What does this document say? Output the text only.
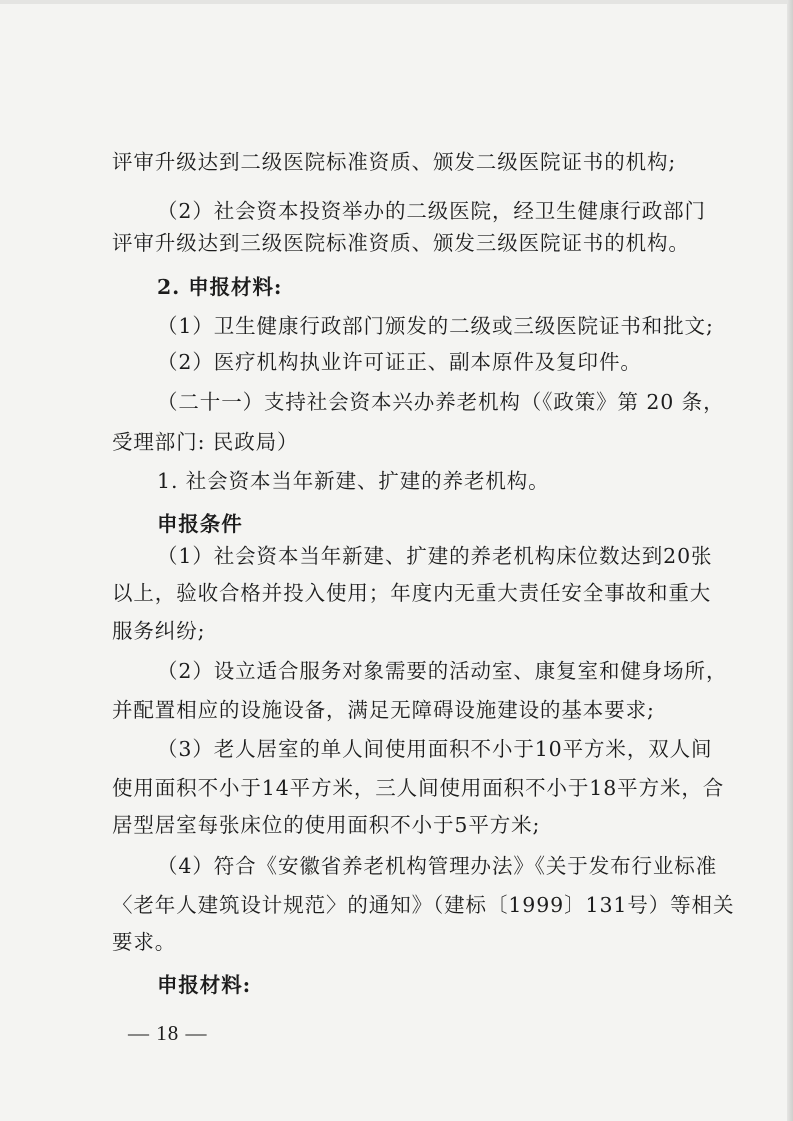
评审升级达到二级医院标准资质、颁发二级医院证书的机构;
（2）社会资本投资举办的二级医院，经卫生健康行政部门
评审升级达到三级医院标准资质、颁发三级医院证书的机构。
2. 申报材料:
（1）卫生健康行政部门颁发的二级或三级医院证书和批文;
（2）医疗机构执业许可证正、副本原件及复印件。
（二十一）支持社会资本兴办养老机构（《政策》第 20 条，
受理部门: 民政局）
1. 社会资本当年新建、扩建的养老机构。
申报条件
（1）社会资本当年新建、扩建的养老机构床位数达到20张
以上，验收合格并投入使用；年度内无重大责任安全事故和重大
服务纠纷;
（2）设立适合服务对象需要的活动室、康复室和健身场所，
并配置相应的设施设备，满足无障碍设施建设的基本要求;
（3）老人居室的单人间使用面积不小于10平方米，双人间
使用面积不小于14平方米，三人间使用面积不小于18平方米，合
居型居室每张床位的使用面积不小于5平方米;
（4）符合《安徽省养老机构管理办法》《关于发布行业标准
〈老年人建筑设计规范〉的通知》（建标〔1999〕131号）等相关
要求。
申报材料:
— 18 —
